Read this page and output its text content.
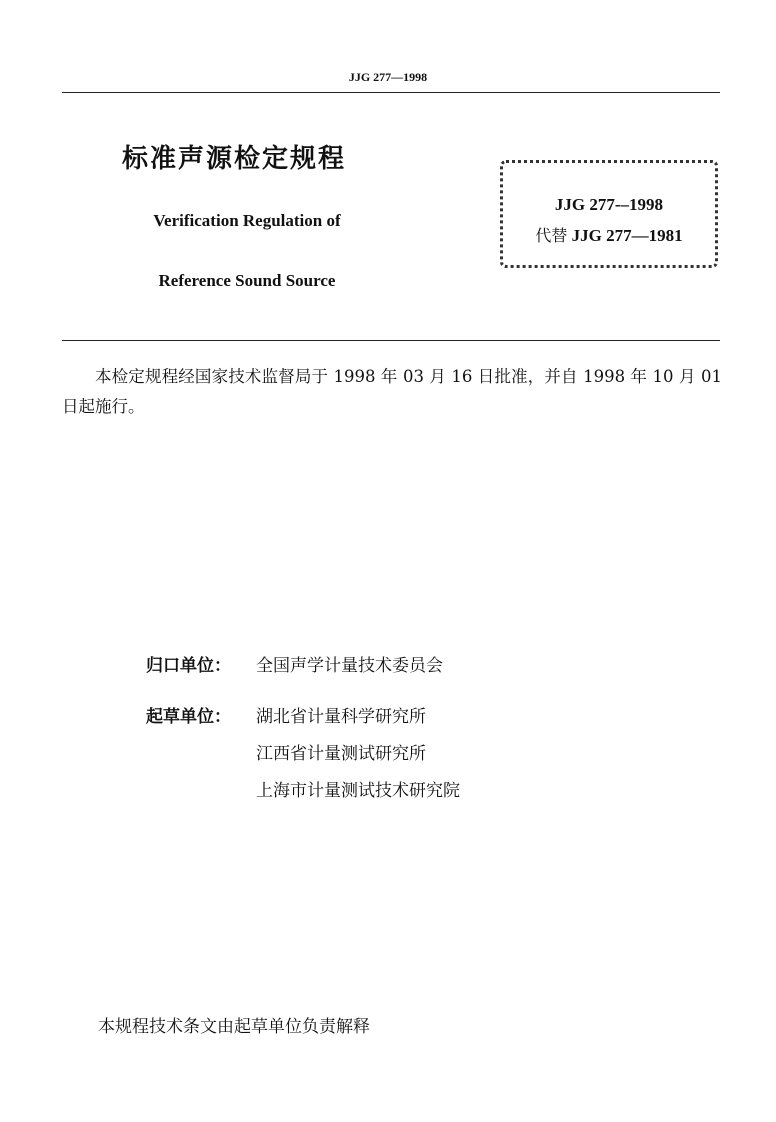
JJG 277—1998
标准声源检定规程
Verification Regulation of
Reference Sound Source
JJG 277-–1998
代替 JJG 277—1981
本检定规程经国家技术监督局于 1998 年 03 月 16 日批准，并自 1998 年 10 月 01 日起施行。
归口单位： 全国声学计量技术委员会
起草单位： 湖北省计量科学研究所
江西省计量测试研究所
上海市计量测试技术研究院
本规程技术条文由起草单位负责解释
